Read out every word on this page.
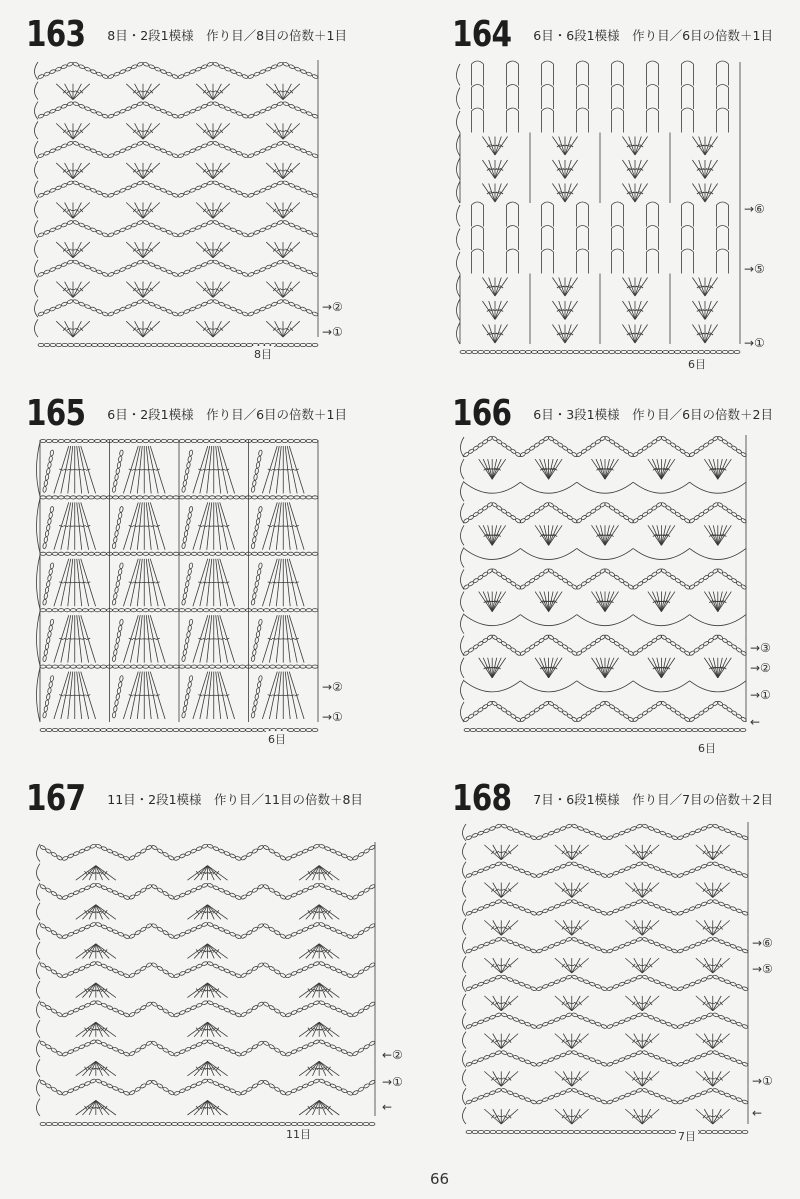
163 8目・2段1模様　作り目／8目の倍数＋1目
→②
→①
8目
164 6目・6段1模様　作り目／6目の倍数＋1目
→⑥
→⑤
→①
6目
165 6目・2段1模様　作り目／6目の倍数＋1目
→②
→①
6目
166 6目・3段1模様　作り目／6目の倍数＋2目
→③
→②
→①
←
6目
167 11目・2段1模様　作り目／11目の倍数＋8目
←②
→①
←
11目
168 7目・6段1模様　作り目／7目の倍数＋2目
→⑥
→⑤
→①
←
7目
66
